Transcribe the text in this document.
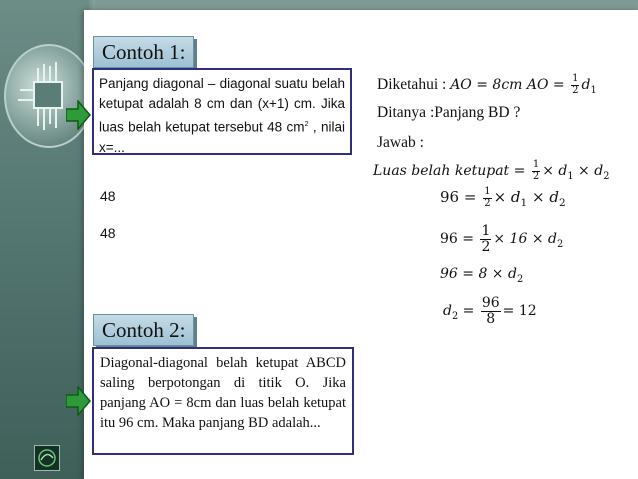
Contoh 1:
Panjang diagonal – diagonal suatu belah ketupat adalah 8 cm dan (x+1) cm. Jika luas belah ketupat tersebut 48 $cm^2$ , nilai x=...
48
48
Contoh 2:
Diagonal-diagonal belah ketupat ABCD saling berpotongan di titik O. Jika panjang AO = 8cm dan luas belah ketupat itu 96 cm. Maka panjang BD adalah...
Diketahui : AO = 8cm AO = $\frac{1}{2} d_1$
Ditanya :Panjang BD ?
Jawab :
Luas belah ketupat = $\frac{1}{2} \times d_1 \times d_2$
$96 = \frac{1}{2} \times d_1 \times d_2$
$96 = \frac{1}{2} \times 16 \times d_2$
$96 = 8 \times d_2$
$d_2 = \frac{96}{8} = 12$
